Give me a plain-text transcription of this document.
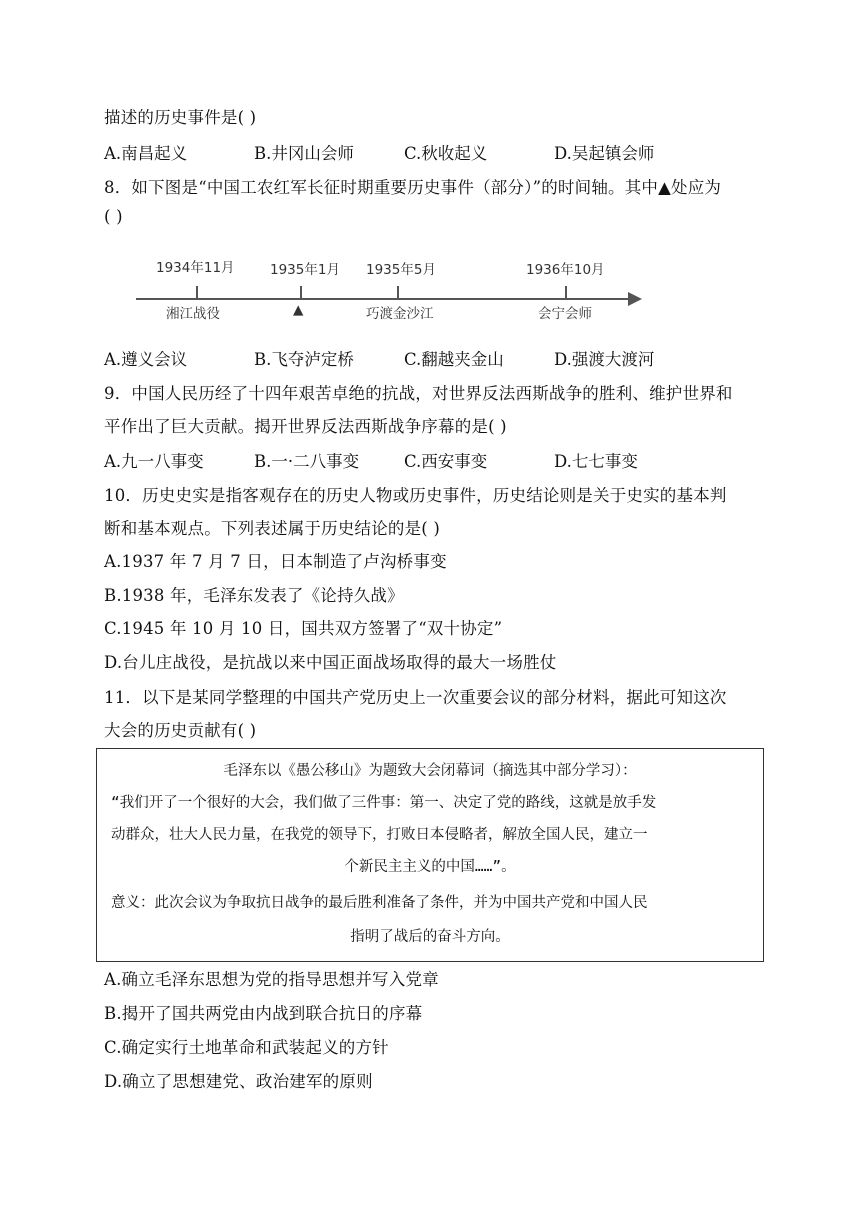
描述的历史事件是( )
A.南昌起义	B.井冈山会师	C.秋收起义	D.吴起镇会师
8．如下图是“中国工农红军长征时期重要历史事件（部分）”的时间轴。其中▲处应为
( )
1934年11月	1935年1月 1935年5月	1936年10月
湘江战役	▲	巧渡金沙江	会宁会师
A.遵义会议	B.飞夺泸定桥	C.翻越夹金山	D.强渡大渡河
9．中国人民历经了十四年艰苦卓绝的抗战，对世界反法西斯战争的胜利、维护世界和
平作出了巨大贡献。揭开世界反法西斯战争序幕的是( )
A.九一八事变	B.一·二八事变	C.西安事变	D.七七事变
10．历史史实是指客观存在的历史人物或历史事件，历史结论则是关于史实的基本判
断和基本观点。下列表述属于历史结论的是( )
A.1937 年 7 月 7 日，日本制造了卢沟桥事变
B.1938 年，毛泽东发表了《论持久战》
C.1945 年 10 月 10 日，国共双方签署了“双十协定”
D.台儿庄战役，是抗战以来中国正面战场取得的最大一场胜仗
11．以下是某同学整理的中国共产党历史上一次重要会议的部分材料，据此可知这次
大会的历史贡献有( )

毛泽东以《愚公移山》为题致大会闭幕词（摘选其中部分学习）：

“我们开了一个很好的大会，我们做了三件事：第一、决定了党的路线，这就是放手发

动群众，壮大人民力量，在我党的领导下，打败日本侵略者，解放全国人民，建立一

个新民主主义的中国……”。

意义：此次会议为争取抗日战争的最后胜利准备了条件，并为中国共产党和中国人民

指明了战后的奋斗方向。

A.确立毛泽东思想为党的指导思想并写入党章
B.揭开了国共两党由内战到联合抗日的序幕
C.确定实行土地革命和武装起义的方针
D.确立了思想建党、政治建军的原则
